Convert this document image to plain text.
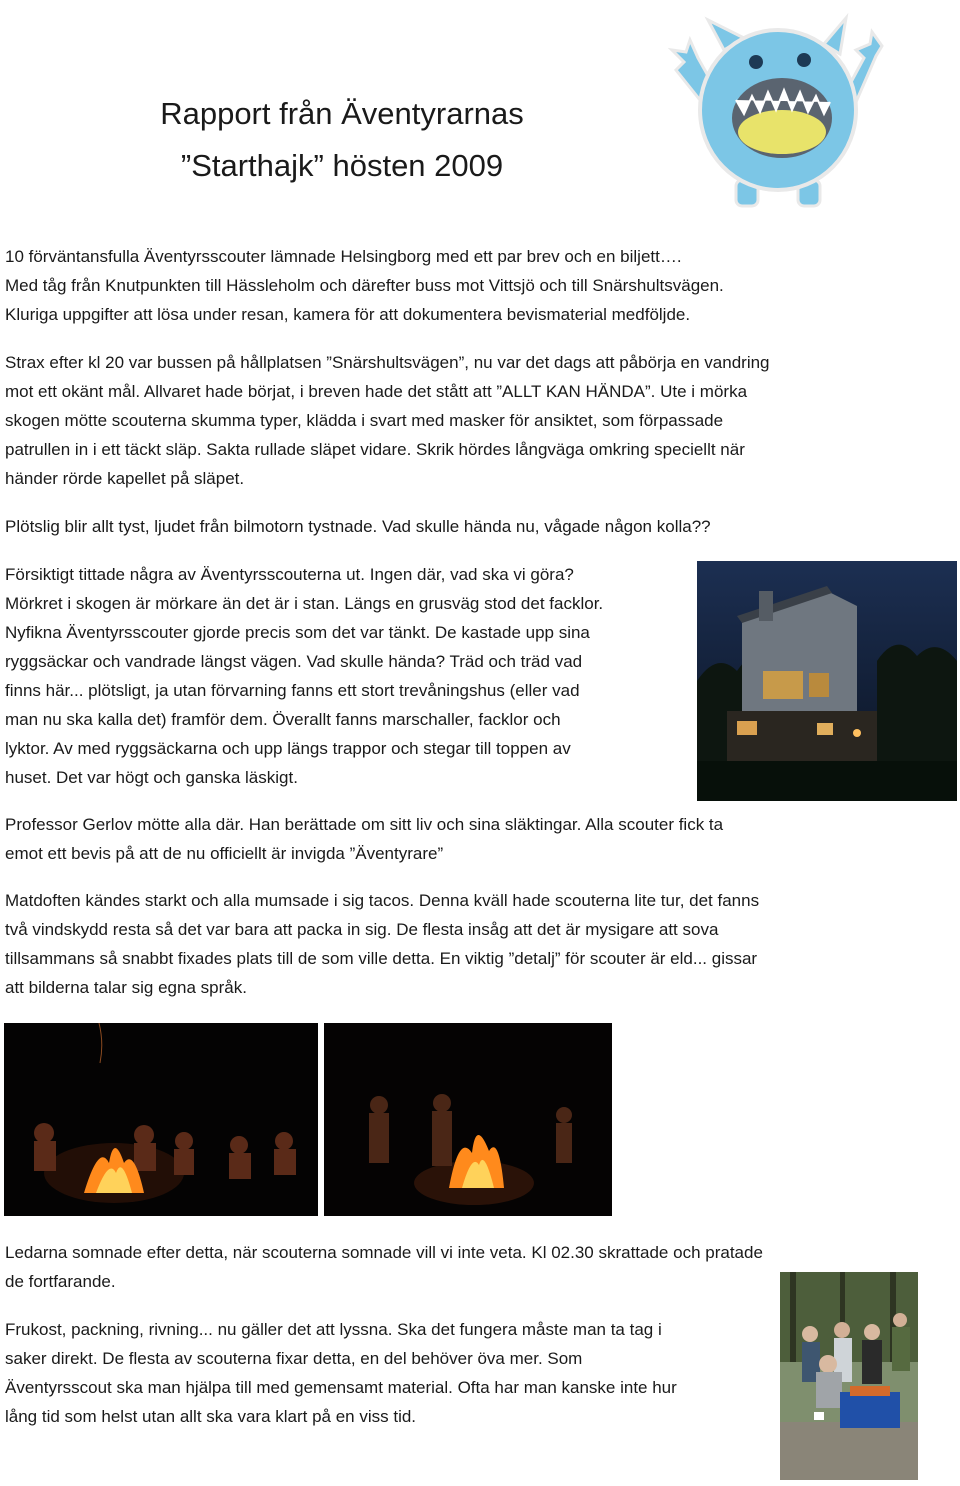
Rapport från Äventyrarnas
”Starthajk” hösten 2009

10 förväntansfulla Äventyrsscouter lämnade Helsingborg med ett par brev och en biljett….
Med tåg från Knutpunkten till Hässleholm och därefter buss mot Vittsjö och till Snärshultsvägen.
Kluriga uppgifter att lösa under resan, kamera för att dokumentera bevismaterial medföljde.

Strax efter kl 20 var bussen på hållplatsen ”Snärshultsvägen”, nu var det dags att påbörja en vandring
mot ett okänt mål. Allvaret hade börjat, i breven hade det stått att ”ALLT KAN HÄNDA”. Ute i mörka
skogen mötte scouterna skumma typer, klädda i svart med masker för ansiktet, som förpassade
patrullen in i ett täckt släp. Sakta rullade släpet vidare. Skrik hördes långväga omkring speciellt när
händer rörde kapellet på släpet.

Plötslig blir allt tyst, ljudet från bilmotorn tystnade. Vad skulle hända nu, vågade någon kolla??

Försiktigt tittade några av Äventyrsscouterna ut. Ingen där, vad ska vi göra?
Mörkret i skogen är mörkare än det är i stan. Längs en grusväg stod det facklor.
Nyfikna Äventyrsscouter gjorde precis som det var tänkt. De kastade upp sina
ryggsäckar och vandrade längst vägen. Vad skulle hända? Träd och träd vad
finns här... plötsligt, ja utan förvarning fanns ett stort trevåningshus (eller vad
man nu ska kalla det) framför dem. Överallt fanns marschaller, facklor och
lyktor. Av med ryggsäckarna och upp längs trappor och stegar till toppen av
huset. Det var högt och ganska läskigt.

Professor Gerlov mötte alla där. Han berättade om sitt liv och sina släktingar. Alla scouter fick ta
emot ett bevis på att de nu officiellt är invigda ”Äventyrare”

Matdoften kändes starkt och alla mumsade i sig tacos. Denna kväll hade scouterna lite tur, det fanns
två vindskydd resta så det var bara att packa in sig. De flesta insåg att det är mysigare att sova
tillsammans så snabbt fixades plats till de som ville detta. En viktig ”detalj” för scouter är eld... gissar
att bilderna talar sig egna språk.

Ledarna somnade efter detta, när scouterna somnade vill vi inte veta. Kl 02.30 skrattade och pratade
de fortfarande.

Frukost, packning, rivning... nu gäller det att lyssna. Ska det fungera måste man ta tag i
saker direkt. De flesta av scouterna fixar detta, en del behöver öva mer. Som
Äventyrsscout ska man hjälpa till med gemensamt material. Ofta har man kanske inte hur
lång tid som helst utan allt ska vara klart på en viss tid.
